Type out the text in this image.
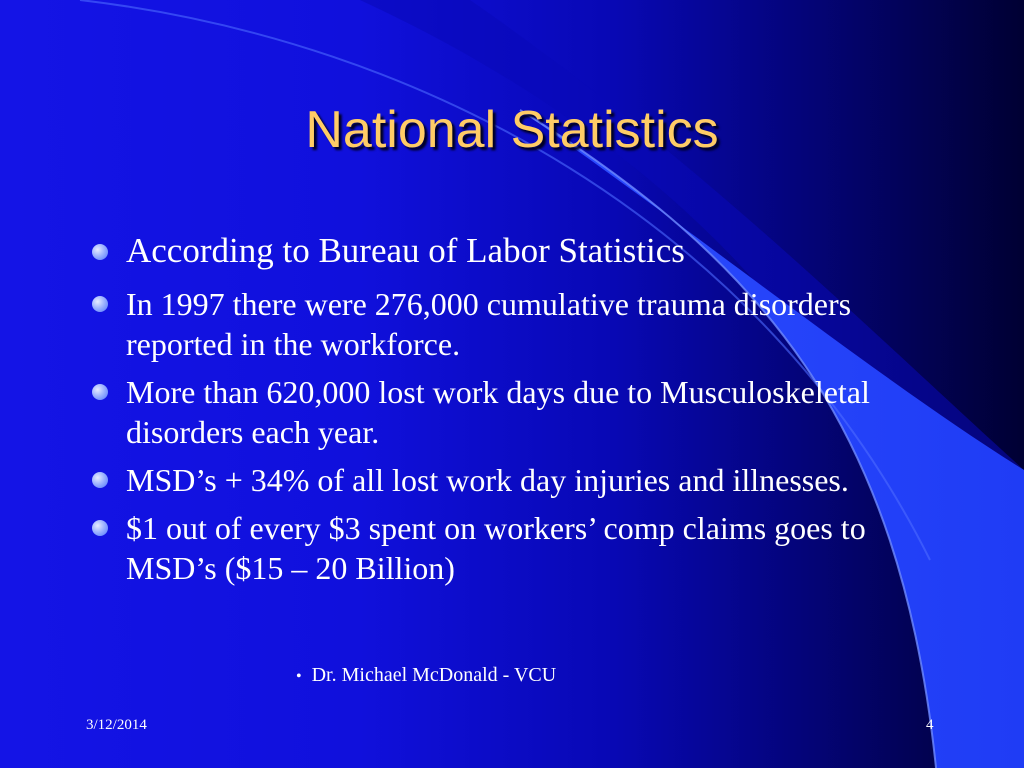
National Statistics
According to Bureau of Labor Statistics
In 1997 there were 276,000 cumulative trauma disorders reported in the workforce.
More than 620,000 lost work days due to Musculoskeletal disorders each year.
MSD’s + 34% of all lost work day injuries and illnesses.
$1 out of every $3 spent on workers’ comp claims goes to MSD’s ($15 – 20 Billion)
• Dr. Michael McDonald - VCU
3/12/2014	4
